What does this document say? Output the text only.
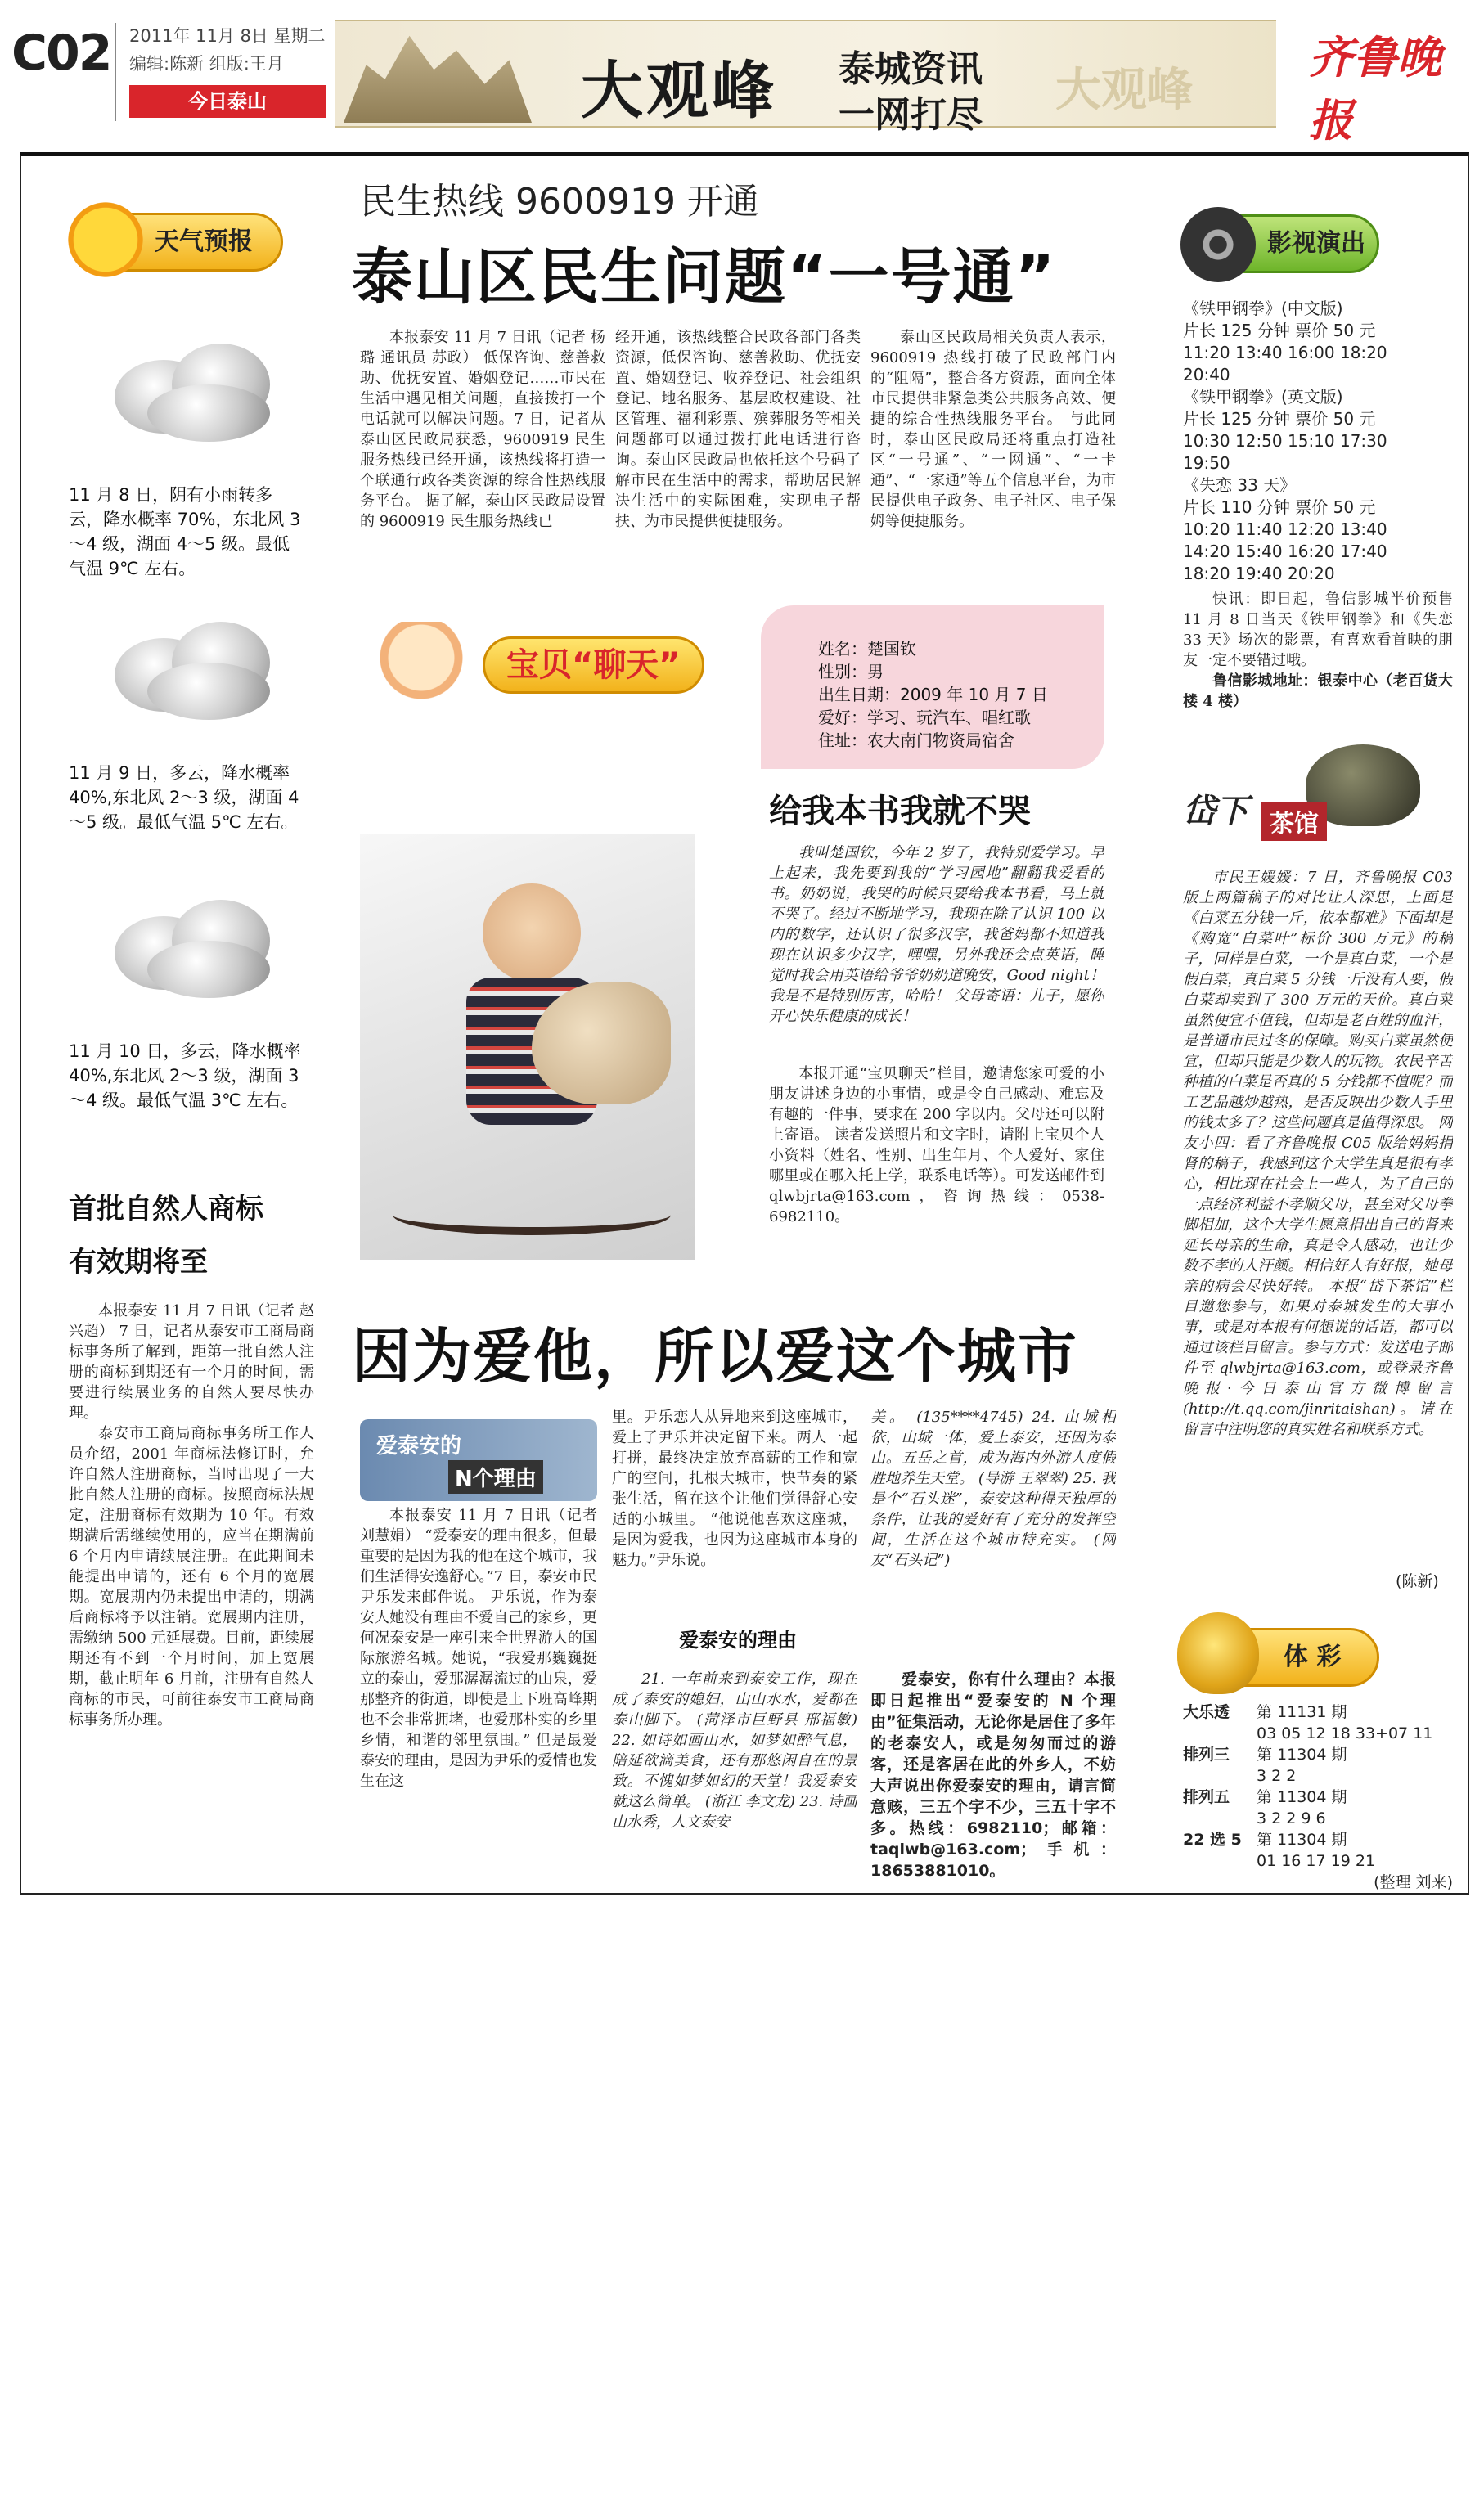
C02 2011年 11月 8日 星期二
编辑:陈新 组版:王月
今日泰山	大观峰 泰城资讯
一网打尽 大观峰
齐鲁晚报
天气预报
11 月 8 日，阴有小雨转多云，降水概率 70%，东北风 3～4 级，湖面 4～5 级。最低气温 9℃ 左右。
11 月 9 日，多云，降水概率 40%,东北风 2～3 级，湖面 4～5 级。最低气温 5℃ 左右。
11 月 10 日，多云，降水概率 40%,东北风 2～3 级，湖面 3～4 级。最低气温 3℃ 左右。
首批自然人商标
有效期将至

本报泰安 11 月 7 日讯（记者 赵兴超） 7 日，记者从泰安市工商局商标事务所了解到，距第一批自然人注册的商标到期还有一个月的时间，需要进行续展业务的自然人要尽快办理。

泰安市工商局商标事务所工作人员介绍，2001 年商标法修订时，允许自然人注册商标，当时出现了一大批自然人注册的商标。按照商标法规定，注册商标有效期为 10 年。有效期满后需继续使用的，应当在期满前 6 个月内申请续展注册。在此期间未能提出申请的，还有 6 个月的宽展期。宽展期内仍未提出申请的，期满后商标将予以注销。宽展期内注册，需缴纳 500 元延展费。目前，距续展期还有不到一个月时间，加上宽展期，截止明年 6 月前，注册有自然人商标的市民，可前往泰安市工商局商标事务所办理。

民生热线 9600919 开通
泰山区民生问题“一号通”

本报泰安 11 月 7 日讯（记者 杨璐 通讯员 苏政） 低保咨询、慈善救助、优抚安置、婚姻登记……市民在生活中遇见相关问题，直接拨打一个电话就可以解决问题。7 日，记者从泰山区民政局获悉，9600919 民生服务热线已经开通，该热线将打造一个联通行政各类资源的综合性热线服务平台。 据了解，泰山区民政局设置的 9600919 民生服务热线已

经开通，该热线整合民政各部门各类资源，低保咨询、慈善救助、优抚安置、婚姻登记、收养登记、社会组织登记、地名服务、基层政权建设、社区管理、福利彩票、殡葬服务等相关问题都可以通过拨打此电话进行咨询。泰山区民政局也依托这个号码了解市民在生活中的需求，帮助居民解决生活中的实际困难，实现电子帮扶、为市民提供便捷服务。

泰山区民政局相关负责人表示，9600919 热线打破了民政部门内的“阻隔”，整合各方资源，面向全体市民提供非紧急类公共服务高效、便捷的综合性热线服务平台。 与此同时，泰山区民政局还将重点打造社区“一号通”、“一网通”、“一卡通”、“一家通”等五个信息平台，为市民提供电子政务、电子社区、电子保姆等便捷服务。

宝贝“聊天”	姓名：楚国钦
性别：男
出生日期：2009 年 10 月 7 日
爱好：学习、玩汽车、唱红歌
住址：农大南门物资局宿舍
给我本书我就不哭

我叫楚国钦，今年 2 岁了，我特别爱学习。早上起来，我先要到我的“学习园地”翻翻我爱看的书。奶奶说，我哭的时候只要给我本书看，马上就不哭了。经过不断地学习，我现在除了认识 100 以内的数字，还认识了很多汉字，我爸妈都不知道我现在认识多少汉字，嘿嘿，另外我还会点英语，睡觉时我会用英语给爷爷奶奶道晚安，Good night！我是不是特别厉害，哈哈！ 父母寄语：儿子，愿你开心快乐健康的成长！

本报开通“宝贝聊天”栏目，邀请您家可爱的小朋友讲述身边的小事情，或是令自己感动、难忘及有趣的一件事，要求在 200 字以内。父母还可以附上寄语。 读者发送照片和文字时，请附上宝贝个人小资料（姓名、性别、出生年月、个人爱好、家住哪里或在哪入托上学，联系电话等）。可发送邮件到 qlwbjrta@163.com，咨询热线：0538-6982110。

因为爱他，所以爱这个城市
爱泰安的
N个理由

本报泰安 11 月 7 日讯（记者 刘慧娟） “爱泰安的理由很多，但最重要的是因为我的他在这个城市，我们生活得安逸舒心。”7 日，泰安市民尹乐发来邮件说。 尹乐说，作为泰安人她没有理由不爱自己的家乡，更何况泰安是一座引来全世界游人的国际旅游名城。她说，“我爱那巍巍挺立的泰山，爱那潺潺流过的山泉，爱那整齐的街道，即使是上下班高峰期也不会非常拥堵，也爱那朴实的乡里乡情，和谐的邻里氛围。” 但是最爱泰安的理由，是因为尹乐的爱情也发生在这

里。尹乐恋人从异地来到这座城市，爱上了尹乐并决定留下来。两人一起打拼，最终决定放弃高薪的工作和宽广的空间，扎根大城市，快节奏的紧张生活，留在这个让他们觉得舒心安适的小城里。 “他说他喜欢这座城，是因为爱我，也因为这座城市本身的魅力。”尹乐说。

爱泰安的理由

21. 一年前来到泰安工作，现在成了泰安的媳妇，山山水水，爱都在泰山脚下。 (菏泽市巨野县 邢福敏) 22. 如诗如画山水，如梦如醉气息，陪延欲滴美食，还有那悠闲自在的景致。不愧如梦如幻的天堂！我爱泰安就这么简单。 (浙江 李文龙) 23. 诗画山水秀，人文泰安

美。 (135****4745) 24. 山城相依，山城一体，爱上泰安，还因为泰山。五岳之首，成为海内外游人度假胜地养生天堂。 (导游 王翠翠) 25. 我是个“石头迷”，泰安这种得天独厚的条件，让我的爱好有了充分的发挥空间，生活在这个城市特充实。 (网友“石头记”)

爱泰安，你有什么理由？本报即日起推出“爱泰安的 N 个理由”征集活动，无论你是居住了多年的老泰安人，或是匆匆而过的游客，还是客居在此的外乡人，不妨大声说出你爱泰安的理由，请言简意赅，三五个字不少，三五十字不多。热线：6982110；邮箱：taqlwb@163.com；手机：18653881010。

影视演出
《铁甲钢拳》(中文版)
片长 125 分钟 票价 50 元
11:20 13:40 16:00 18:20
20:40
《铁甲钢拳》(英文版)
片长 125 分钟 票价 50 元
10:30 12:50 15:10 17:30
19:50
《失恋 33 天》
片长 110 分钟 票价 50 元
10:20 11:40 12:20 13:40
14:20 15:40 16:20 17:40
18:20 19:40 20:20

快讯：即日起，鲁信影城半价预售 11 月 8 日当天《铁甲钢拳》和《失恋 33 天》场次的影票，有喜欢看首映的朋友一定不要错过哦。

鲁信影城地址：银泰中心（老百货大楼 4 楼）

岱下 茶馆

市民王媛媛：7 日，齐鲁晚报 C03 版上两篇稿子的对比让人深思，上面是《白菜五分钱一斤，依本都难》下面却是《购宽“白菜叶”标价 300 万元》的稿子，同样是白菜，一个是真白菜，一个是假白菜，真白菜 5 分钱一斤没有人要，假白菜却卖到了 300 万元的天价。真白菜虽然便宜不值钱，但却是老百姓的血汗，是普通市民过冬的保障。购买白菜虽然便宜，但却只能是少数人的玩物。农民辛苦种植的白菜是否真的 5 分钱都不值呢？而工艺品越炒越热，是否反映出少数人手里的钱太多了？这些问题真是值得深思。 网友小四：看了齐鲁晚报 C05 版给妈妈捐肾的稿子，我感到这个大学生真是很有孝心，相比现在社会上一些人，为了自己的一点经济利益不孝顺父母，甚至对父母拳脚相加，这个大学生愿意捐出自己的肾来延长母亲的生命，真是令人感动，也让少数不孝的人汗颜。相信好人有好报，她母亲的病会尽快好转。 本报“岱下茶馆”栏目邀您参与，如果对泰城发生的大事小事，或是对本报有何想说的话语，都可以通过该栏目留言。参与方式：发送电子邮件至 qlwbjrta@163.com，或登录齐鲁晚报·今日泰山官方微博留言(http://t.qq.com/jinritaishan)。请在留言中注明您的真实姓名和联系方式。

(陈新)
体 彩
大乐透 第 11131 期
03 05 12 18 33+07 11
排列三 第 11304 期
3 2 2
排列五 第 11304 期
3 2 2 9 6
22 选 5 第 11304 期
01 16 17 19 21
(整理 刘来)
